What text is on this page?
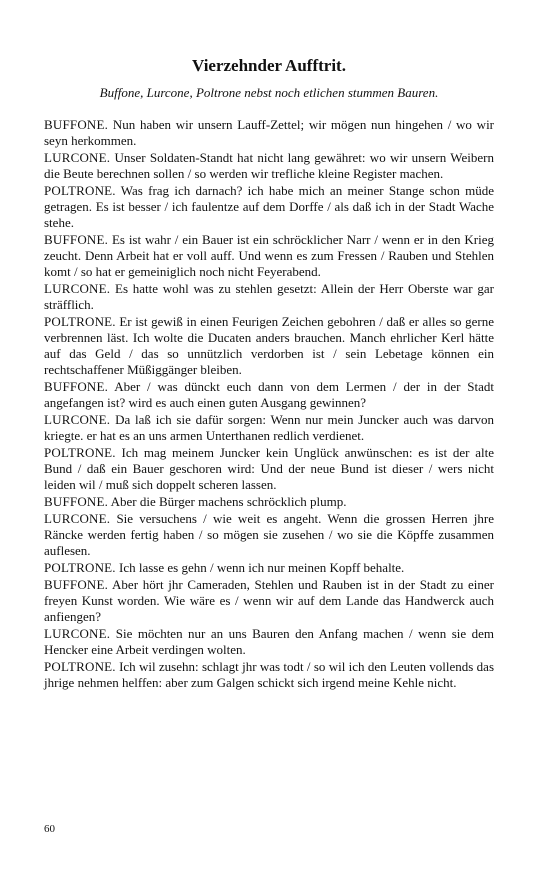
Vierzehnder Aufftrit.
Buffone, Lurcone, Poltrone nebst noch etlichen stummen Bauren.

BUFFONE. Nun haben wir unsern Lauff-Zettel; wir mögen nun hingehen / wo wir seyn herkommen.

LURCONE. Unser Soldaten-Standt hat nicht lang gewähret: wo wir unsern Weibern die Beute berechnen sollen / so werden wir trefliche kleine Register machen.

POLTRONE. Was frag ich darnach? ich habe mich an meiner Stange schon müde getragen. Es ist besser / ich faulentze auf dem Dorffe / als daß ich in der Stadt Wache stehe.

BUFFONE. Es ist wahr / ein Bauer ist ein schröcklicher Narr / wenn er in den Krieg zeucht. Denn Arbeit hat er voll auff. Und wenn es zum Fressen / Rauben und Stehlen komt / so hat er gemeiniglich noch nicht Feyerabend.

LURCONE. Es hatte wohl was zu stehlen gesetzt: Allein der Herr Oberste war gar sträfflich.

POLTRONE. Er ist gewiß in einen Feurigen Zeichen gebohren / daß er alles so gerne verbrennen läst. Ich wolte die Ducaten anders brauchen. Manch ehrlicher Kerl hätte auf das Geld / das so unnützlich verdorben ist / sein Lebetage können ein rechtschaffener Müßiggänger bleiben.

BUFFONE. Aber / was dünckt euch dann von dem Lermen / der in der Stadt angefangen ist? wird es auch einen guten Ausgang gewinnen?

LURCONE. Da laß ich sie dafür sorgen: Wenn nur mein Juncker auch was darvon kriegte. er hat es an uns armen Unterthanen redlich verdienet.

POLTRONE. Ich mag meinem Juncker kein Unglück anwünschen: es ist der alte Bund / daß ein Bauer geschoren wird: Und der neue Bund ist dieser / wers nicht leiden wil / muß sich doppelt scheren lassen.

BUFFONE. Aber die Bürger machens schröcklich plump.

LURCONE. Sie versuchens / wie weit es angeht. Wenn die grossen Herren jhre Räncke werden fertig haben / so mögen sie zusehen / wo sie die Köpffe zusammen auflesen.

POLTRONE. Ich lasse es gehn / wenn ich nur meinen Kopff behalte.

BUFFONE. Aber hört jhr Cameraden, Stehlen und Rauben ist in der Stadt zu einer freyen Kunst worden. Wie wäre es / wenn wir auf dem Lande das Handwerck auch anfiengen?

LURCONE. Sie möchten nur an uns Bauren den Anfang machen / wenn sie dem Hencker eine Arbeit verdingen wolten.

POLTRONE. Ich wil zusehn: schlagt jhr was todt / so wil ich den Leuten vollends das jhrige nehmen helffen: aber zum Galgen schickt sich irgend meine Kehle nicht.

60
